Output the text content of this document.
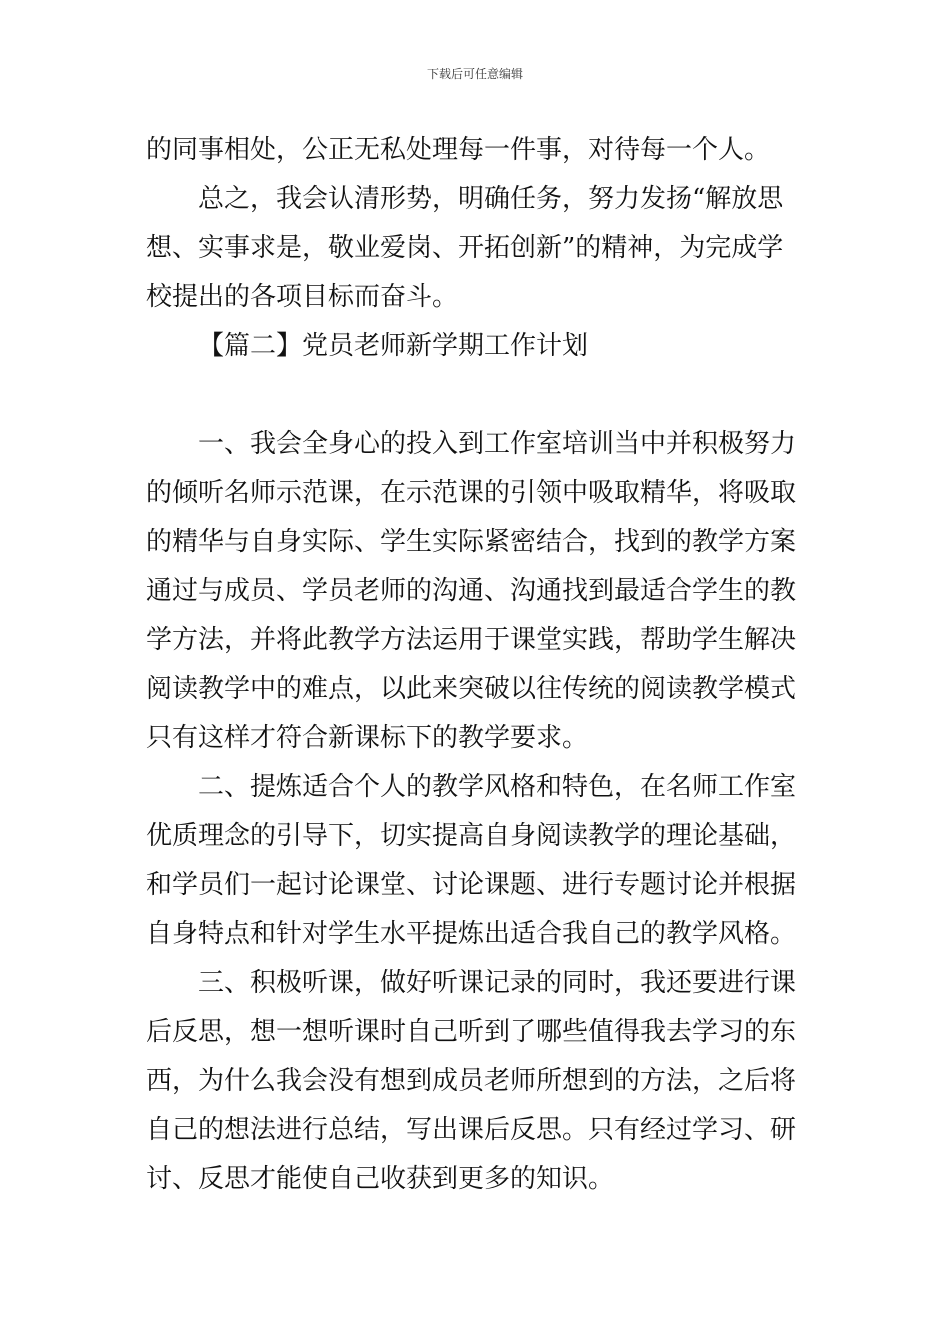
下载后可任意编辑
的同事相处，公正无私处理每一件事，对待每一个人。
总之，我会认清形势，明确任务，努力发扬“解放思
想、实事求是，敬业爱岗、开拓创新”的精神，为完成学
校提出的各项目标而奋斗。
【篇二】党员老师新学期工作计划
一、我会全身心的投入到工作室培训当中并积极努力
的倾听名师示范课，在示范课的引领中吸取精华，将吸取
的精华与自身实际、学生实际紧密结合，找到的教学方案
通过与成员、学员老师的沟通、沟通找到最适合学生的教
学方法，并将此教学方法运用于课堂实践，帮助学生解决
阅读教学中的难点，以此来突破以往传统的阅读教学模式
只有这样才符合新课标下的教学要求。
二、提炼适合个人的教学风格和特色，在名师工作室
优质理念的引导下，切实提高自身阅读教学的理论基础，
和学员们一起讨论课堂、讨论课题、进行专题讨论并根据
自身特点和针对学生水平提炼出适合我自己的教学风格。
三、积极听课，做好听课记录的同时，我还要进行课
后反思，想一想听课时自己听到了哪些值得我去学习的东
西，为什么我会没有想到成员老师所想到的方法，之后将
自己的想法进行总结，写出课后反思。只有经过学习、研
讨、反思才能使自己收获到更多的知识。
